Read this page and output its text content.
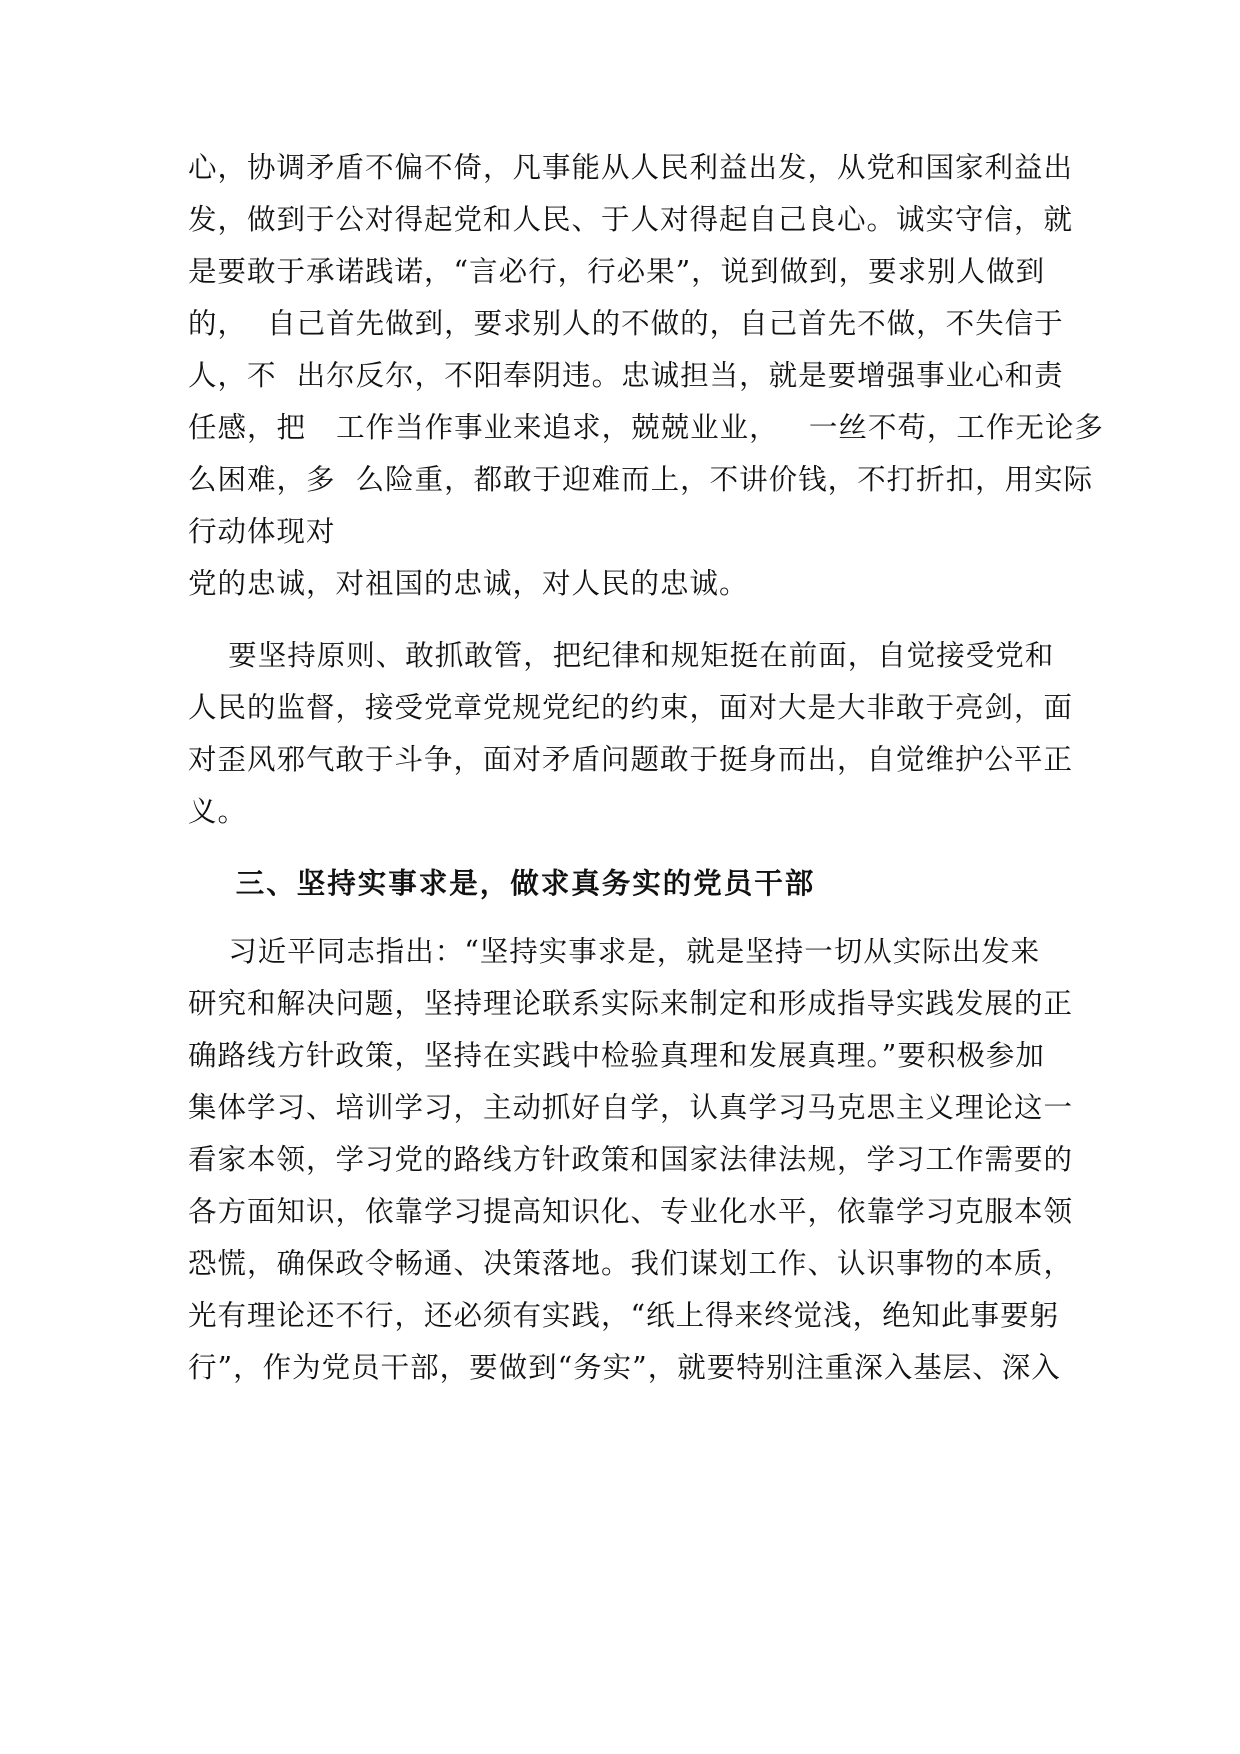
心，协调矛盾不偏不倚，凡事能从人民利益出发，从党和国家利益出
发，做到于公对得起党和人民、于人对得起自己良心。诚实守信，就
是要敢于承诺践诺，“言必行，行必果”，说到做到，要求别人做到
的，  自己首先做到，要求别人的不做的，自己首先不做，不失信于
人，不  出尔反尔，不阳奉阴违。忠诚担当，就是要增强事业心和责
任感，把   工作当作事业来追求，兢兢业业，   一丝不苟，工作无论多
么困难，多  么险重，都敢于迎难而上，不讲价钱，不打折扣，用实际
行动体现对
党的忠诚，对祖国的忠诚，对人民的忠诚。
要坚持原则、敢抓敢管，把纪律和规矩挺在前面，自觉接受党和
人民的监督，接受党章党规党纪的约束，面对大是大非敢于亮剑，面
对歪风邪气敢于斗争，面对矛盾问题敢于挺身而出，自觉维护公平正
义。
三、坚持实事求是，做求真务实的党员干部
习近平同志指出：“坚持实事求是，就是坚持一切从实际出发来
研究和解决问题，坚持理论联系实际来制定和形成指导实践发展的正
确路线方针政策，坚持在实践中检验真理和发展真理。”要积极参加
集体学习、培训学习，主动抓好自学，认真学习马克思主义理论这一
看家本领，学习党的路线方针政策和国家法律法规，学习工作需要的
各方面知识，依靠学习提高知识化、专业化水平，依靠学习克服本领
恐慌，确保政令畅通、决策落地。我们谋划工作、认识事物的本质，
光有理论还不行，还必须有实践，“纸上得来终觉浅，绝知此事要躬
行”，作为党员干部，要做到“务实”，就要特别注重深入基层、深入
